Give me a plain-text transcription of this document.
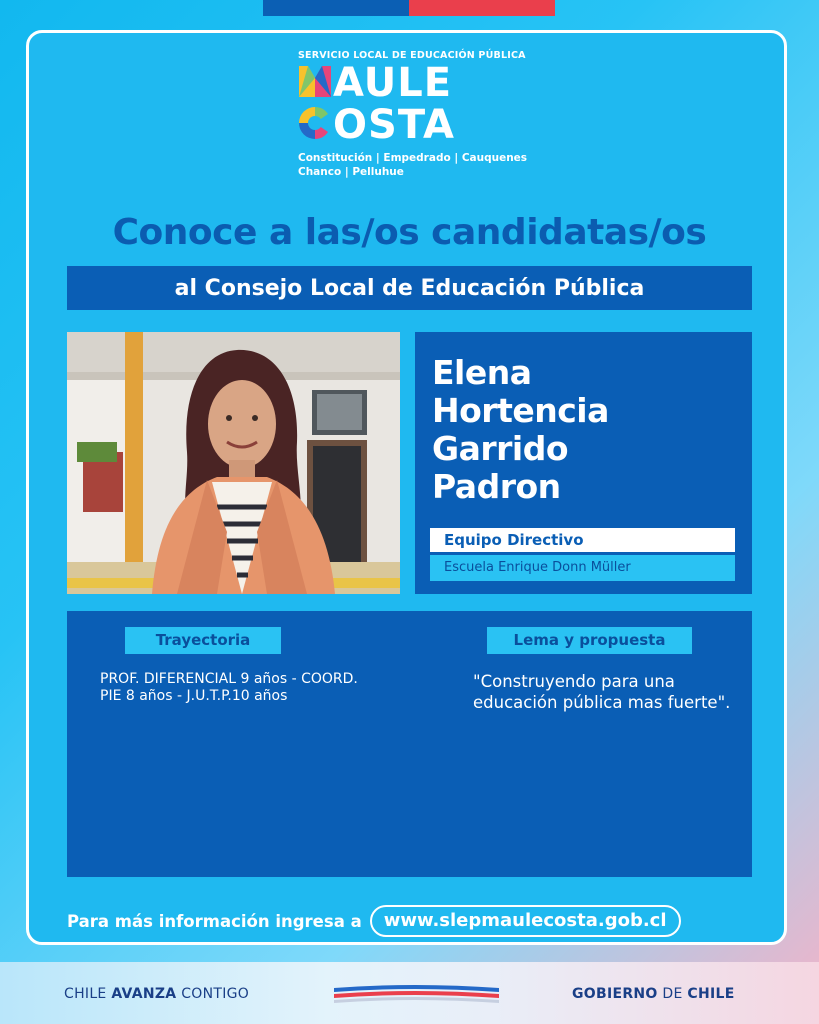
SERVICIO LOCAL DE EDUCACIÓN PÚBLICA
AULE
OSTA
Constitución | Empedrado | Cauquenes
Chanco | Pelluhue
Conoce a las/os candidatas/os
al Consejo Local de Educación Pública
Elena
Hortencia
Garrido
Padron
Equipo Directivo
Escuela Enrique Donn Müller
Trayectoria	Lema y propuesta
PROF. DIFERENCIAL 9 años - COORD.
PIE 8 años - J.U.T.P.10 años
"Construyendo para una educación pública mas fuerte".
Para más información ingresa a	www.slepmaulecosta.gob.cl
CHILE AVANZA CONTIGO	GOBIERNO DE CHILE
